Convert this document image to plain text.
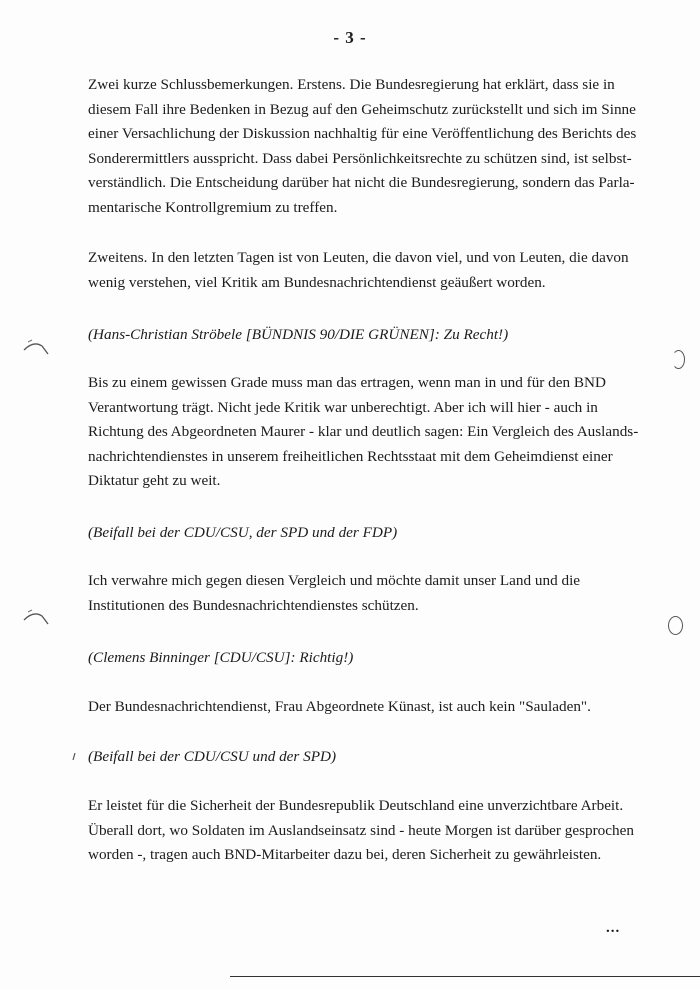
- 3 -

Zwei kurze Schlussbemerkungen. Erstens. Die Bundesregierung hat erklärt, dass sie in
diesem Fall ihre Bedenken in Bezug auf den Geheimschutz zurückstellt und sich im Sinne
einer Versachlichung der Diskussion nachhaltig für eine Veröffentlichung des Berichts des
Sonderermittlers ausspricht. Dass dabei Persönlichkeitsrechte zu schützen sind, ist selbst-
verständlich. Die Entscheidung darüber hat nicht die Bundesregierung, sondern das Parla-
mentarische Kontrollgremium zu treffen.

Zweitens. In den letzten Tagen ist von Leuten, die davon viel, und von Leuten, die davon
wenig verstehen, viel Kritik am Bundesnachrichtendienst geäußert worden.

(Hans-Christian Ströbele [BÜNDNIS 90/DIE GRÜNEN]: Zu Recht!)

Bis zu einem gewissen Grade muss man das ertragen, wenn man in und für den BND
Verantwortung trägt. Nicht jede Kritik war unberechtigt. Aber ich will hier - auch in
Richtung des Abgeordneten Maurer - klar und deutlich sagen: Ein Vergleich des Auslands-
nachrichtendienstes in unserem freiheitlichen Rechtsstaat mit dem Geheimdienst einer
Diktatur geht zu weit.

(Beifall bei der CDU/CSU, der SPD und der FDP)

Ich verwahre mich gegen diesen Vergleich und möchte damit unser Land und die
Institutionen des Bundesnachrichtendienstes schützen.

(Clemens Binninger [CDU/CSU]: Richtig!)

Der Bundesnachrichtendienst, Frau Abgeordnete Künast, ist auch kein "Sauladen".

(Beifall bei der CDU/CSU und der SPD)

Er leistet für die Sicherheit der Bundesrepublik Deutschland eine unverzichtbare Arbeit.
Überall dort, wo Soldaten im Auslandseinsatz sind - heute Morgen ist darüber gesprochen
worden -, tragen auch BND-Mitarbeiter dazu bei, deren Sicherheit zu gewährleisten.

...
